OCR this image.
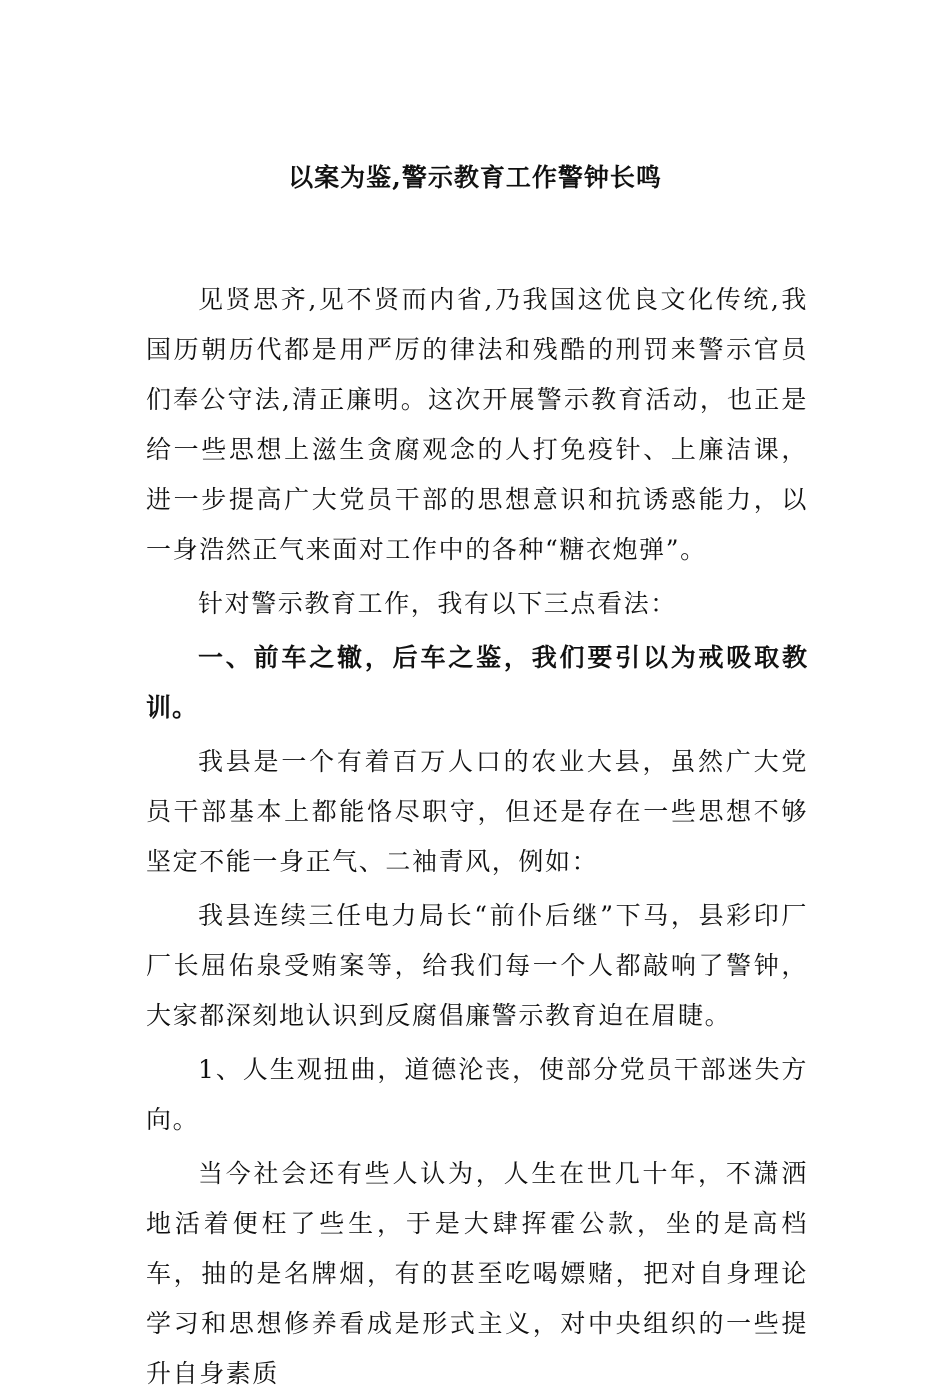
以案为鉴,警示教育工作警钟长鸣

见贤思齐,见不贤而内省,乃我国这优良文化传统,我国历朝历代都是用严厉的律法和残酷的刑罚来警示官员们奉公守法,清正廉明。这次开展警示教育活动，也正是给一些思想上滋生贪腐观念的人打免疫针、上廉洁课，进一步提高广大党员干部的思想意识和抗诱惑能力，以一身浩然正气来面对工作中的各种“糖衣炮弹”。

针对警示教育工作，我有以下三点看法：

一、前车之辙，后车之鉴，我们要引以为戒吸取教训。

我县是一个有着百万人口的农业大县，虽然广大党员干部基本上都能恪尽职守，但还是存在一些思想不够坚定不能一身正气、二袖青风，例如：

我县连续三任电力局长“前仆后继”下马，县彩印厂厂长屈佑泉受贿案等，给我们每一个人都敲响了警钟，大家都深刻地认识到反腐倡廉警示教育迫在眉睫。

1、人生观扭曲，道德沦丧，使部分党员干部迷失方向。

当今社会还有些人认为，人生在世几十年，不潇洒地活着便枉了些生，于是大肆挥霍公款，坐的是高档车，抽的是名牌烟，有的甚至吃喝嫖赌，把对自身理论学习和思想修养看成是形式主义，对中央组织的一些提升自身素质
